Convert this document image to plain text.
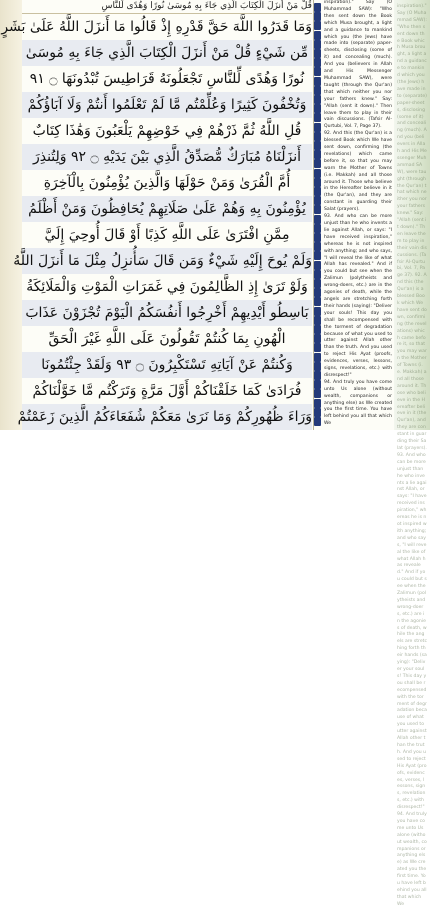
قُلْ مَنْ أَنزَلَ الْكِتَابَ الَّذِي جَاءَ بِهِ مُوسَىٰ نُورًا وَهُدًى لِّلنَّاسِ
وَمَا قَدَرُوا اللَّهَ حَقَّ قَدْرِهِ إِذْ قَالُوا مَا أَنزَلَ اللَّهُ عَلَىٰ بَشَرٍ
مِّن شَيْءٍ قُلْ مَنْ أَنزَلَ الْكِتَابَ الَّذِي جَاءَ بِهِ مُوسَىٰ
نُورًا وَهُدًى لِّلنَّاسِ تَجْعَلُونَهُ قَرَاطِيسَ تُبْدُونَهَا ۝ ٩١
وَتُخْفُونَ كَثِيرًا وَعُلِّمْتُم مَّا لَمْ تَعْلَمُوا أَنتُمْ وَلَا آبَاؤُكُمْ
قُلِ اللَّهُ ثُمَّ ذَرْهُمْ فِي خَوْضِهِمْ يَلْعَبُونَ وَهَٰذَا كِتَابٌ
أَنزَلْنَاهُ مُبَارَكٌ مُّصَدِّقُ الَّذِي بَيْنَ يَدَيْهِ ۝ ٩٢ وَلِتُنذِرَ
أُمَّ الْقُرَىٰ وَمَنْ حَوْلَهَا وَالَّذِينَ يُؤْمِنُونَ بِالْآخِرَةِ
يُؤْمِنُونَ بِهِ وَهُمْ عَلَىٰ صَلَاتِهِمْ يُحَافِظُونَ وَمَنْ أَظْلَمُ
مِمَّنِ افْتَرَىٰ عَلَى اللَّهِ كَذِبًا أَوْ قَالَ أُوحِيَ إِلَيَّ
وَلَمْ يُوحَ إِلَيْهِ شَيْءٌ وَمَن قَالَ سَأُنزِلُ مِثْلَ مَا أَنزَلَ اللَّهُ
وَلَوْ تَرَىٰ إِذِ الظَّالِمُونَ فِي غَمَرَاتِ الْمَوْتِ وَالْمَلَائِكَةُ
بَاسِطُو أَيْدِيهِمْ أَخْرِجُوا أَنفُسَكُمُ الْيَوْمَ تُجْزَوْنَ عَذَابَ
الْهُونِ بِمَا كُنتُمْ تَقُولُونَ عَلَى اللَّهِ غَيْرَ الْحَقِّ
وَكُنتُمْ عَنْ آيَاتِهِ تَسْتَكْبِرُونَ ۝ ٩٣ وَلَقَدْ جِئْتُمُونَا
فُرَادَىٰ كَمَا خَلَقْنَاكُمْ أَوَّلَ مَرَّةٍ وَتَرَكْتُم مَّا خَوَّلْنَاكُمْ
وَرَاءَ ظُهُورِكُمْ وَمَا نَرَىٰ مَعَكُمْ شُفَعَاءَكُمُ الَّذِينَ زَعَمْتُمْ

inspiration)." Say (O Muhammad SAW): "Who then sent down the Book which Musa brought, a light and a guidance to mankind which you (the Jews) have made into (separate) paper-sheets, disclosing (some of it) and concealing (much). And you (believers in Allah and His Messenger Muhammad SAW), were taught (through the Qur'an) that which neither you nor your fathers knew." Say: "Allah (sent it down)." Then leave them to play in their vain discussions. (Tafsir Al-Qurtubi, Vol. 7, Page 37).

92. And this (the Qur'an) is a blessed Book which We have sent down, confirming (the revelations) which came before it, so that you may warn the Mother of Towns (i.e. Makkah) and all those around it. Those who believe in the Hereafter believe in it (the Qur'an), and they are constant in guarding their Salat (prayers).

93. And who can be more unjust than he who invents a lie against Allah, or says: "I have received inspiration," whereas he is not inspired with anything; and who says, "I will reveal the like of what Allah has revealed." And if you could but see when the Zalimun (polytheists and wrong-doers, etc.) are in the agonies of death, while the angels are stretching forth their hands (saying): "Deliver your souls! This day you shall be recompensed with the torment of degradation because of what you used to utter against Allah other than the truth. And you used to reject His Ayat (proofs, evidences, verses, lessons, signs, revelations, etc.) with disrespect!"

94. And truly you have come unto Us alone (without wealth, companions or anything else) as We created you the first time. You have left behind you all that which We

inspiration)." Say (O Muhammad SAW): "Who then sent down the Book which Musa brought, a light and a guidance to mankind which you (the Jews) have made into (separate) paper-sheets, disclosing (some of it) and concealing (much). And you (believers in Allah and His Messenger Muhammad SAW), were taught (through the Qur'an) that which neither you nor your fathers knew." Say: "Allah (sent it down)." Then leave them to play in their vain discussions. (Tafsir Al-Qurtubi, Vol. 7, Page 37). 92. And this (the Qur'an) is a blessed Book which We have sent down, confirming (the revelations) which came before it, so that you may warn the Mother of Towns (i.e. Makkah) and all those around it. Those who believe in the Hereafter believe in it (the Qur'an), and they are constant in guarding their Salat (prayers). 93. And who can be more unjust than he who invents a lie against Allah, or says: "I have received inspiration," whereas he is not inspired with anything; and who says, "I will reveal the like of what Allah has revealed." And if you could but see when the Zalimun (polytheists and wrong-doers, etc.) are in the agonies of death, while the angels are stretching forth their hands (saying): "Deliver your souls! This day you shall be recompensed with the torment of degradation because of what you used to utter against Allah other than the truth. And you used to reject His Ayat (proofs, evidences, verses, lessons, signs, revelations, etc.) with disrespect!" 94. And truly you have come unto Us alone (without wealth, companions or anything else) as We created you the first time. You have left behind you all that which We
